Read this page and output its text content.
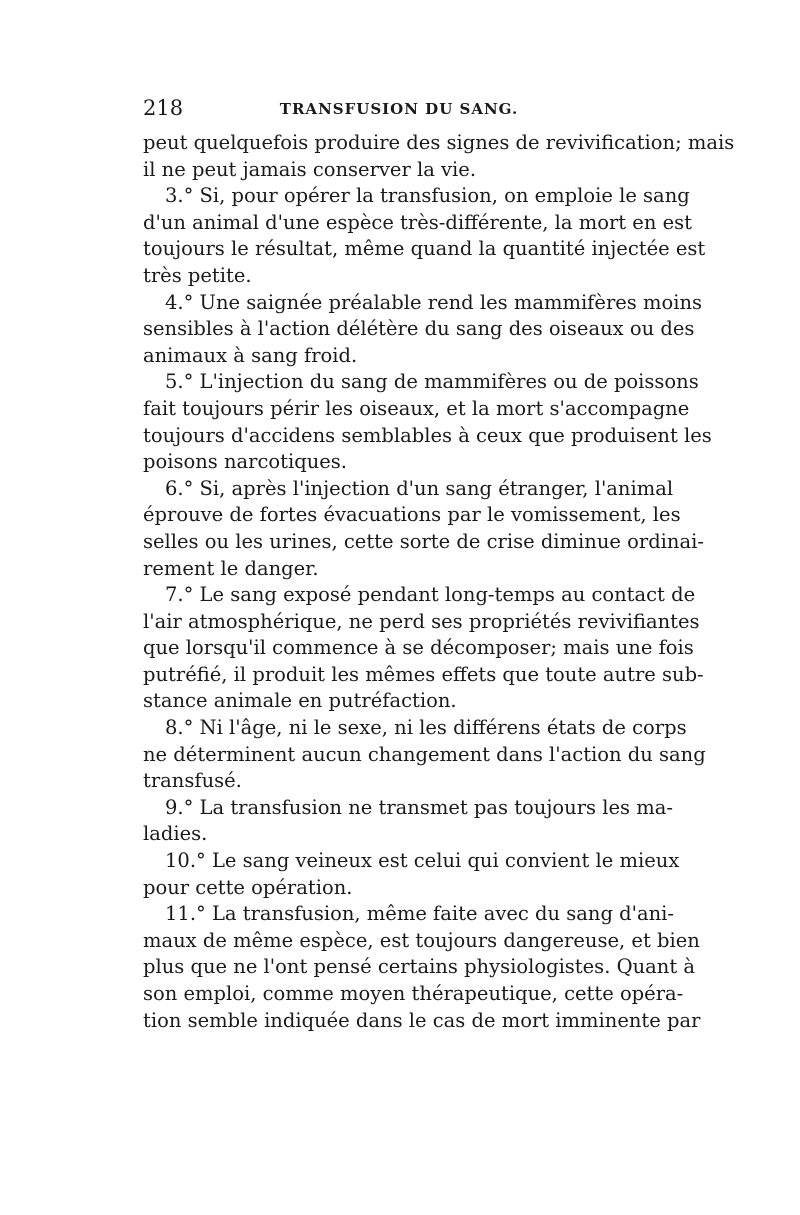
218	TRANSFUSION DU SANG.
peut quelquefois produire des signes de revivification; mais
il ne peut jamais conserver la vie.
3.° Si, pour opérer la transfusion, on emploie le sang
d'un animal d'une espèce très-différente, la mort en est
toujours le résultat, même quand la quantité injectée est
très petite.
4.° Une saignée préalable rend les mammifères moins
sensibles à l'action délétère du sang des oiseaux ou des
animaux à sang froid.
5.° L'injection du sang de mammifères ou de poissons
fait toujours périr les oiseaux, et la mort s'accompagne
toujours d'accidens semblables à ceux que produisent les
poisons narcotiques.
6.° Si, après l'injection d'un sang étranger, l'animal
éprouve de fortes évacuations par le vomissement, les
selles ou les urines, cette sorte de crise diminue ordinai-
rement le danger.
7.° Le sang exposé pendant long-temps au contact de
l'air atmosphérique, ne perd ses propriétés revivifiantes
que lorsqu'il commence à se décomposer; mais une fois
putréfié, il produit les mêmes effets que toute autre sub-
stance animale en putréfaction.
8.° Ni l'âge, ni le sexe, ni les différens états de corps
ne déterminent aucun changement dans l'action du sang
transfusé.
9.° La transfusion ne transmet pas toujours les ma-
ladies.
10.° Le sang veineux est celui qui convient le mieux
pour cette opération.
11.° La transfusion, même faite avec du sang d'ani-
maux de même espèce, est toujours dangereuse, et bien
plus que ne l'ont pensé certains physiologistes. Quant à
son emploi, comme moyen thérapeutique, cette opéra-
tion semble indiquée dans le cas de mort imminente par
